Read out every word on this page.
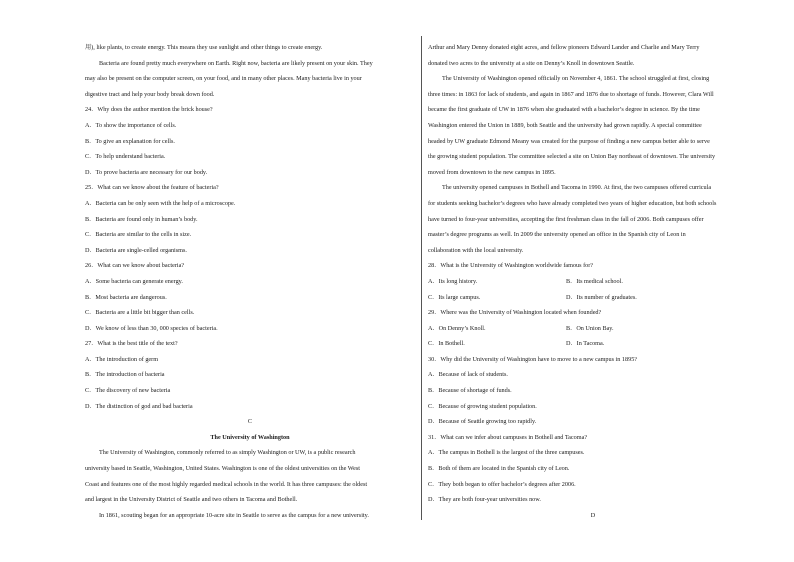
用), like plants, to create energy. This means they use sunlight and other things to create energy.

Bacteria are found pretty much everywhere on Earth. Right now, bacteria are likely present on your skin. They

may also be present on the computer screen, on your food, and in many other places. Many bacteria live in your

digestive tract and help your body break down food.

24．Why does the author mention the brick house?

A．To show the importance of cells.

B．To give an explanation for cells.

C．To help understand bacteria.

D．To prove bacteria are necessary for our body.

25．What can we know about the feature of bacteria?

A．Bacteria can be only seen with the help of a microscope.

B．Bacteria are found only in human’s body.

C．Bacteria are similar to the cells in size.

D．Bacteria are single-celled organisms.

26．What can we know about bacteria?

A．Some bacteria can generate energy.

B．Most bacteria are dangerous.

C．Bacteria are a little bit bigger than cells.

D．We know of less than 30, 000 species of bacteria.

27．What is the best title of the text?

A．The introduction of germ

B．The introduction of bacteria

C．The discovery of new bacteria

D．The distinction of god and bad bacteria

C

The University of Washington

The University of Washington, commonly referred to as simply Washington or UW, is a public research

university based in Seattle, Washington, United States. Washington is one of the oldest universities on the West

Coast and features one of the most highly regarded medical schools in the world. It has three campuses: the oldest

and largest in the University District of Seattle and two others in Tacoma and Bothell.

In 1861, scouting began for an appropriate 10-acre site in Seattle to serve as the campus for a new university.

Arthur and Mary Denny donated eight acres, and fellow pioneers Edward Lander and Charlie and Mary Terry

donated two acres to the university at a site on Denny’s Knoll in downtown Seattle.

The University of Washington opened officially on November 4, 1861. The school struggled at first, closing

three times: in 1863 for lack of students, and again in 1867 and 1876 due to shortage of funds. However, Clara Will

became the first graduate of UW in 1876 when she graduated with a bachelor’s degree in science. By the time

Washington entered the Union in 1889, both Seattle and the university had grown rapidly. A special committee

headed by UW graduate Edmond Meany was created for the purpose of finding a new campus better able to serve

the growing student population. The committee selected a site on Union Bay northeast of downtown. The university

moved from downtown to the new campus in 1895.

The university opened campuses in Bothell and Tacoma in 1990. At first, the two campuses offered curricula

for students seeking bachelor’s degrees who have already completed two years of higher education, but both schools

have turned to four-year universities, accepting the first freshman class in the fall of 2006. Both campuses offer

master’s degree programs as well. In 2009 the university opened an office in the Spanish city of Leon in

collaboration with the local university.

28．What is the University of Washington worldwide famous for?

A．Its long history.	B．Its medical school.
C．Its large campus.	D．Its number of graduates.

29．Where was the University of Washington located when founded?

A．On Denny’s Knoll.	B．On Union Bay.
C．In Bothell.	D．In Tacoma.

30．Why did the University of Washington have to move to a new campus in 1895?

A．Because of lack of students.

B．Because of shortage of funds.

C．Because of growing student population.

D．Because of Seattle growing too rapidly.

31．What can we infer about campuses in Bothell and Tacoma?

A．The campus in Bothell is the largest of the three campuses.

B．Both of them are located in the Spanish city of Leon.

C．They both began to offer bachelor’s degrees after 2006.

D．They are both four-year universities now.

D
